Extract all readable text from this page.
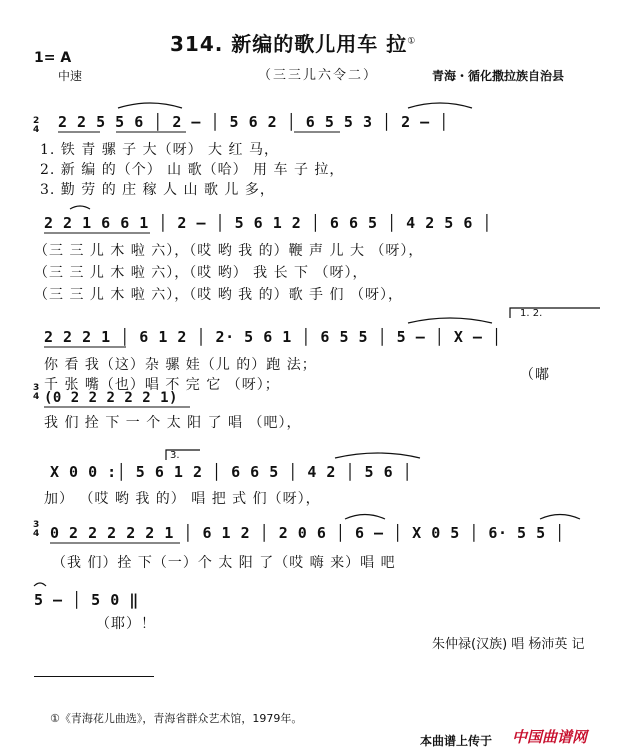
314. 新编的歌儿用车 拉①
1= A
中速	（三三儿六令二）	青海・循化撒拉族自治县
2
4 2 2 5 5 6 │ 2 – │ 5 6 2 │ 6 5 5 3 │ 2 – │
1. 铁 青 骡 子 大（呀） 大 红 马，
2. 新 编 的（个） 山 歌（哈） 用 车 子 拉，
3. 勤 劳 的 庄 稼 人 山 歌 儿 多，
2 2 1 6 6 1 │ 2 – │ 5 6 1 2 │ 6 6 5 │ 4 2 5 6 │
（三 三 儿 木 啦 六），（哎 哟 我 的）鞭 声 儿 大 （呀），
（三 三 儿 木 啦 六），（哎 哟） 我 长 下 （呀），
（三 三 儿 木 啦 六），（哎 哟 我 的）歌 手 们 （呀），
1. 2.
2 2 2 1 │ 6 1 2 │ 2· 5 6 1 │ 6 5 5 │ 5 – │ X – │
你 看 我（这）杂 骡 娃（儿 的）跑 法；
千 张 嘴（也）唱 不 完 它 （呀）；
（嘟
3
4 (0 2 2 2 2 2 1)
我 们 拴 下 一 个 太 阳 了 唱 （吧），
3.
X 0 0 :│ 5 6 1 2 │ 6 6 5 │ 4 2 │ 5 6 │
加） （哎 哟 我 的） 唱 把 式 们（呀），
3
4 0 2 2 2 2 2 1 │ 6 1 2 │ 2 0 6 │ 6 – │ X 0 5 │ 6· 5 5 │
（我 们）拴 下（一）个 太 阳 了（哎 嗨 来）唱 吧
5 – │ 5 0 ‖
（耶）！
朱仲禄(汉族) 唱 杨沛英 记
①《青海花儿曲选》，青海省群众艺术馆，1979年。
本曲谱上传于 中国曲谱网
